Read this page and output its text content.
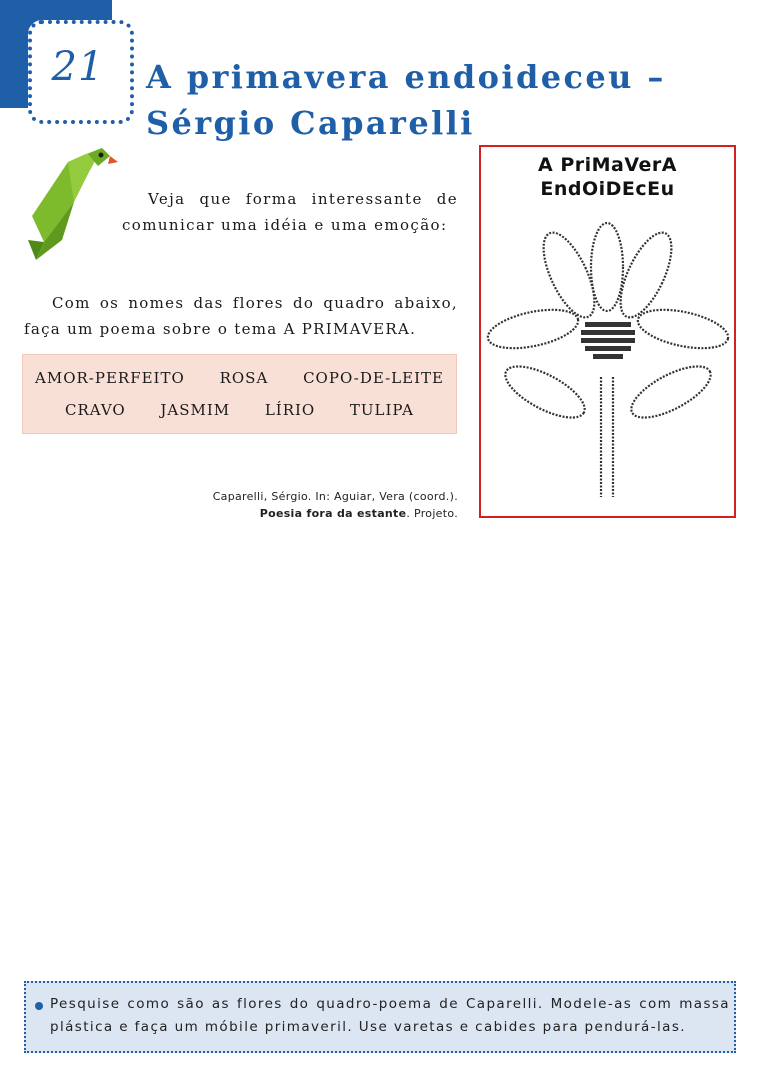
21	A primavera endoideceu –
Sérgio Caparelli
Veja que forma interessante de comunicar uma idéia e uma emoção:
Com os nomes das flores do quadro abaixo, faça um poema sobre o tema A PRIMAVERA.
AMOR-PERFEITO ROSA COPO-DE-LEITE
CRAVO JASMIM LÍRIO TULIPA
Caparelli, Sérgio. In: Aguiar, Vera (coord.).
Poesia fora da estante. Projeto.
A PriMaVerA
EndOiDEcEu
Pesquise como são as flores do quadro-poema de Caparelli. Modele-as com massa plástica e faça um móbile primaveril. Use varetas e cabides para pendurá-las.
